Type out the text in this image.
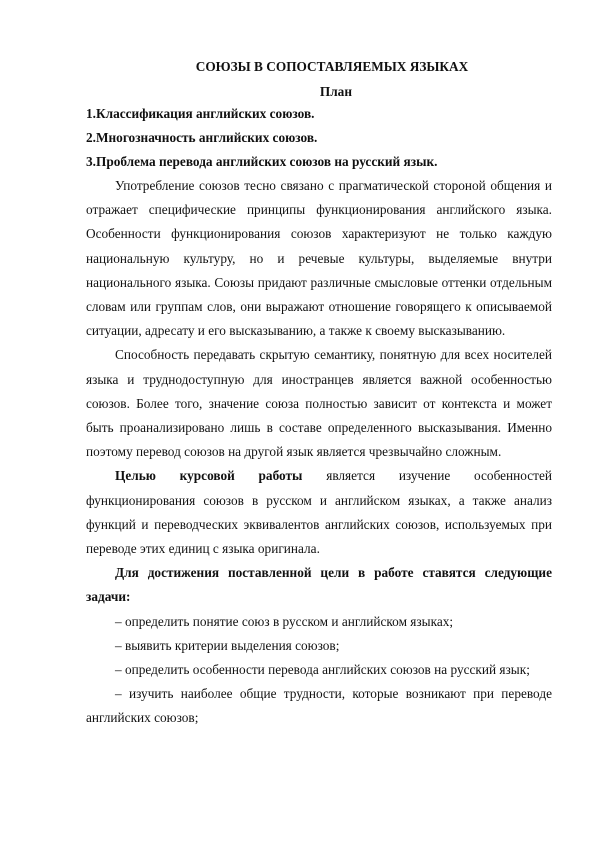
СОЮЗЫ В СОПОСТАВЛЯЕМЫХ ЯЗЫКАХ

План

1.Классификация английских союзов.

2.Многозначность английских союзов.

3.Проблема перевода английских союзов на русский язык.

Употребление союзов тесно связано с прагматической стороной общения и отражает специфические принципы функционирования английского языка. Особенности функционирования союзов характеризуют не только каждую национальную культуру, но и речевые культуры, выделяемые внутри национального языка. Союзы придают различные смысловые оттенки отдельным словам или группам слов, они выражают отношение говорящего к описываемой ситуации, адресату и его высказыванию, а также к своему высказыванию.

Способность передавать скрытую семантику, понятную для всех носителей языка и труднодоступную для иностранцев является важной особенностью союзов. Более того, значение союза полностью зависит от контекста и может быть проанализировано лишь в составе определенного высказывания. Именно поэтому перевод союзов на другой язык является чрезвычайно сложным.

Целью курсовой работы является изучение особенностей функционирования союзов в русском и английском языках, а также анализ функций и переводческих эквивалентов английских союзов, используемых при переводе этих единиц с языка оригинала.

Для достижения поставленной цели в работе ставятся следующие задачи:

– определить понятие союз в русском и английском языках;

– выявить критерии выделения союзов;

– определить особенности перевода английских союзов на русский язык;

– изучить наиболее общие трудности, которые возникают при переводе английских союзов;
